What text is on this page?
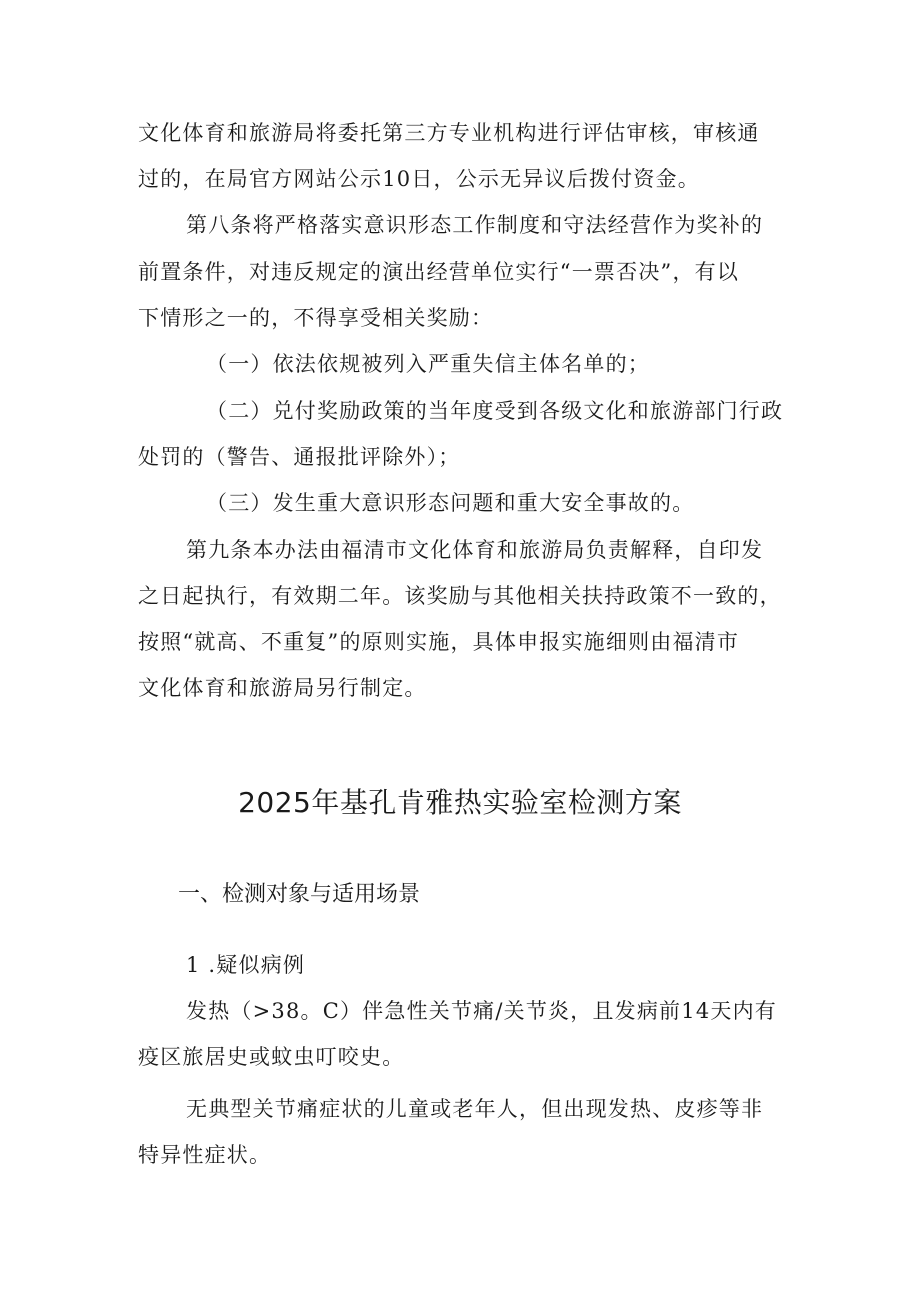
文化体育和旅游局将委托第三方专业机构进行评估审核，审核通
过的，在局官方网站公示10日，公示无异议后拨付资金。
第八条将严格落实意识形态工作制度和守法经营作为奖补的
前置条件，对违反规定的演出经营单位实行“一票否决”，有以
下情形之一的，不得享受相关奖励：
（一）依法依规被列入严重失信主体名单的；
（二）兑付奖励政策的当年度受到各级文化和旅游部门行政
处罚的（警告、通报批评除外）；
（三）发生重大意识形态问题和重大安全事故的。
第九条本办法由福清市文化体育和旅游局负责解释，自印发
之日起执行，有效期二年。该奖励与其他相关扶持政策不一致的，
按照“就高、不重复”的原则实施，具体申报实施细则由福清市
文化体育和旅游局另行制定。
2025年基孔肯雅热实验室检测方案
一、检测对象与适用场景
1 .疑似病例
发热（>38。C）伴急性关节痛/关节炎，且发病前14天内有
疫区旅居史或蚊虫叮咬史。
无典型关节痛症状的儿童或老年人，但出现发热、皮疹等非
特异性症状。
